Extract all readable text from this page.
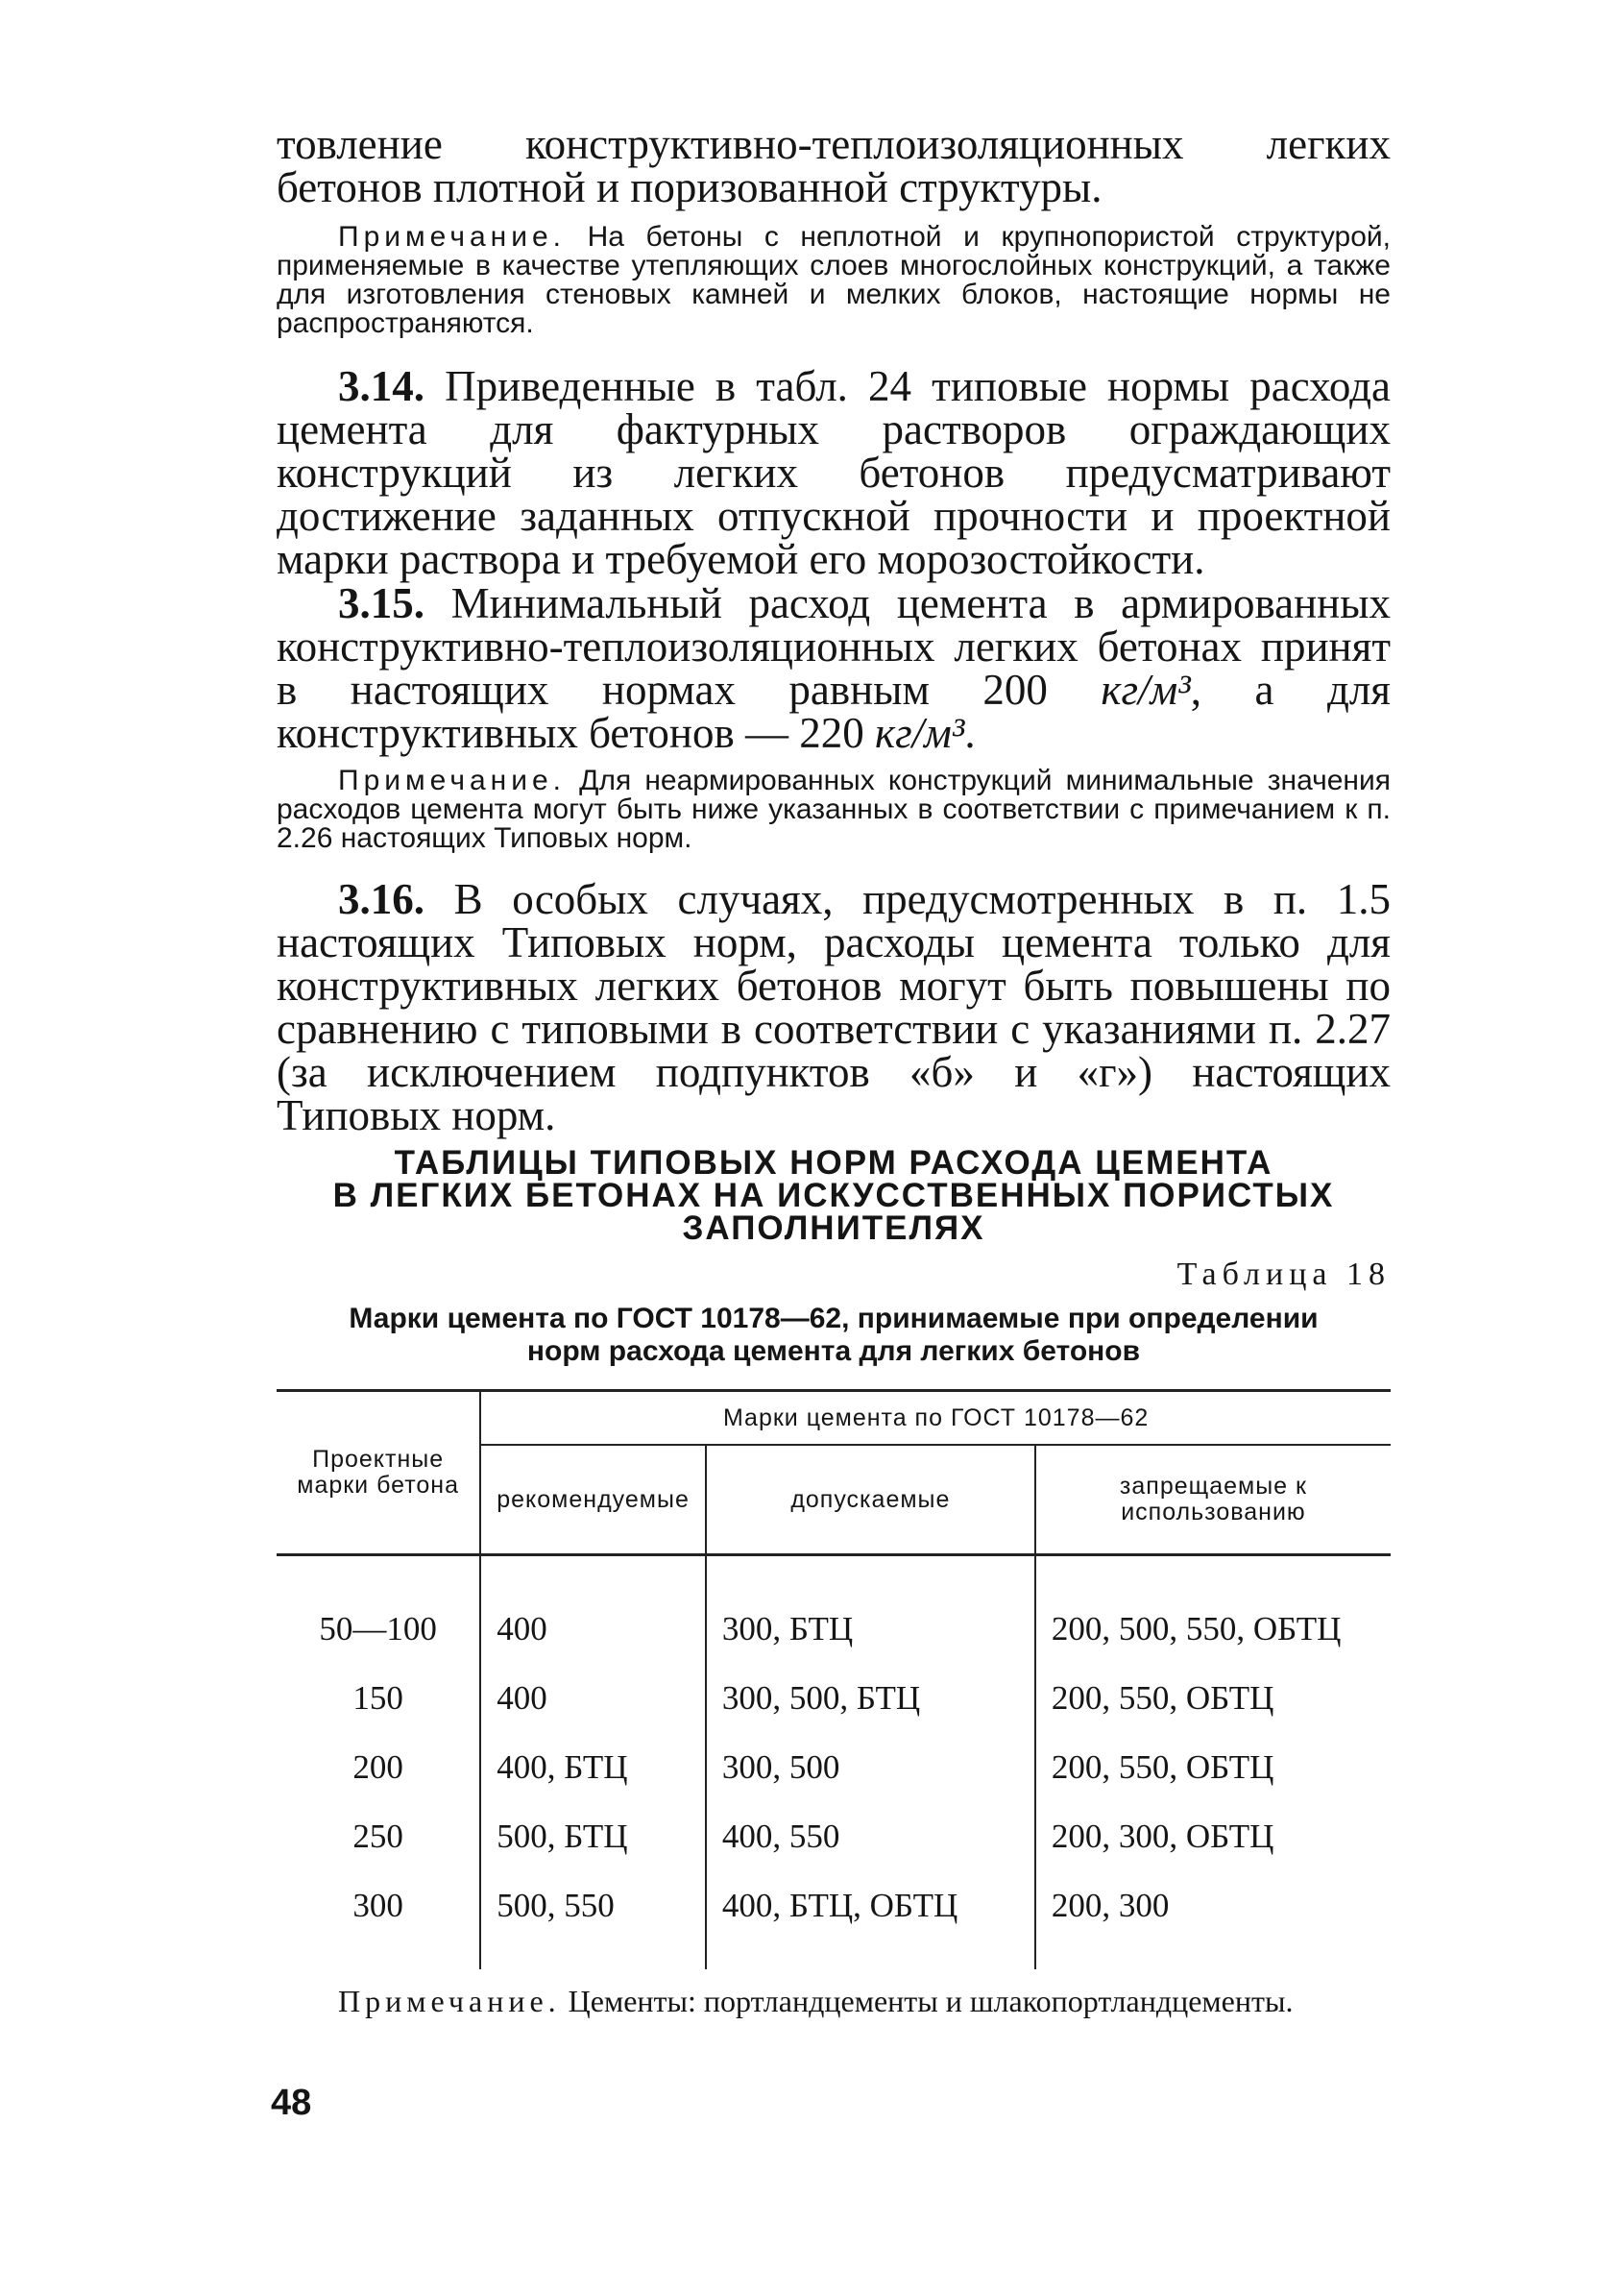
товление конструктивно-теплоизоляционных легких бетонов плотной и поризованной структуры.

Примечание. На бетоны с неплотной и крупнопористой структурой, применяемые в качестве утепляющих слоев многослойных конструкций, а также для изготовления стеновых камней и мелких блоков, настоящие нормы не распространяются.

3.14. Приведенные в табл. 24 типовые нормы расхода цемента для фактурных растворов ограждающих конструкций из легких бетонов предусматривают достижение заданных отпускной прочности и проектной марки раствора и требуемой его морозостойкости.

3.15. Минимальный расход цемента в армированных конструктивно-теплоизоляционных легких бетонах принят в настоящих нормах равным 200 кг/м³, а для конструктивных бетонов — 220 кг/м³.

Примечание. Для неармированных конструкций минимальные значения расходов цемента могут быть ниже указанных в соответствии с примечанием к п. 2.26 настоящих Типовых норм.

3.16. В особых случаях, предусмотренных в п. 1.5 настоящих Типовых норм, расходы цемента только для конструктивных легких бетонов могут быть повышены по сравнению с типовыми в соответствии с указаниями п. 2.27 (за исключением подпунктов «б» и «г») настоящих Типовых норм.

ТАБЛИЦЫ ТИПОВЫХ НОРМ РАСХОДА ЦЕМЕНТА

В ЛЕГКИХ БЕТОНАХ НА ИСКУССТВЕННЫХ ПОРИСТЫХ

ЗАПОЛНИТЕЛЯХ

Таблица 18

Марки цемента по ГОСТ 10178—62, принимаемые при определении

норм расхода цемента для легких бетонов

Проектные марки бетона	Марки цемента по ГОСТ 10178—62		
	рекомендуемые	допускаемые	запрещаемые к использованию

50—100	400	300, БТЦ	200, 500, 550, ОБТЦ
150	400	300, 500, БТЦ	200, 550, ОБТЦ
200	400, БТЦ	300, 500	200, 550, ОБТЦ
250	500, БТЦ	400, 550	200, 300, ОБТЦ
300	500, 550	400, БТЦ, ОБТЦ	200, 300

Примечание. Цементы: портландцементы и шлакопортландцементы.

48
